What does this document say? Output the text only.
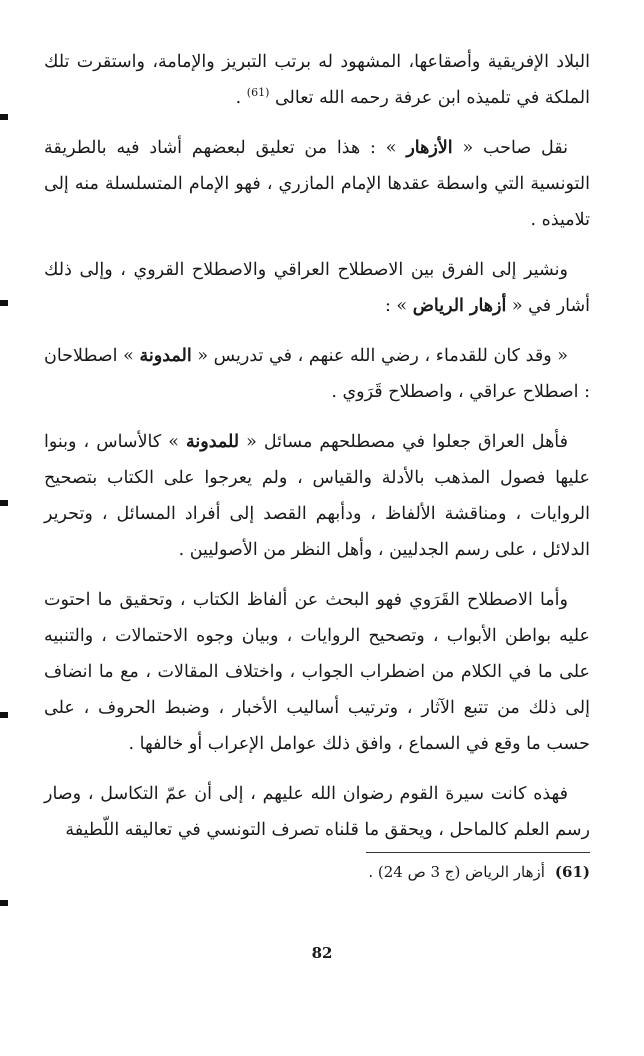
البلاد الإفريقية وأصقاعها، المشهود له برتب التبريز والإمامة، واستقرت تلك الملكة في تلميذه ابن عرفة رحمه الله تعالى $^{(61)}$ .

نقل صاحب « الأزهار » : هذا من تعليق لبعضهم أشاد فيه بالطريقة التونسية التي واسطة عقدها الإمام المازري ، فهو الإمام المتسلسلة منه إلى تلاميذه .

ونشير إلى الفرق بين الاصطلاح العراقي والاصطلاح القروي ، وإلى ذلك أشار في « أزهار الرياض » :

« وقد كان للقدماء ، رضي الله عنهم ، في تدريس « المدونة » اصطلاحان : اصطلاح عراقي ، واصطلاح قَرَوي .

فأهل العراق جعلوا في مصطلحهم مسائل « للمدونة » كالأساس ، وبنوا عليها فصول المذهب بالأدلة والقياس ، ولم يعرجوا على الكتاب بتصحيح الروايات ، ومناقشة الألفاظ ، ودأبهم القصد إلى أفراد المسائل ، وتحرير الدلائل ، على رسم الجدليين ، وأهل النظر من الأصوليين .

وأما الاصطلاح القَرَوي فهو البحث عن ألفاظ الكتاب ، وتحقيق ما احتوت عليه بواطن الأبواب ، وتصحيح الروايات ، وبيان وجوه الاحتمالات ، والتنبيه على ما في الكلام من اضطراب الجواب ، واختلاف المقالات ، مع ما انضاف إلى ذلك من تتبع الآثار ، وترتيب أساليب الأخبار ، وضبط الحروف ، على حسب ما وقع في السماع ، وافق ذلك عوامل الإعراب أو خالفها .

فهذه كانت سيرة القوم رضوان الله عليهم ، إلى أن عمّ التكاسل ، وصار رسم العلم كالماحل ، ويحقق ما قلناه تصرف التونسي في تعاليقه اللّطيفة

(61)أزهار الرياض (ج 3 ص 24) .
82
